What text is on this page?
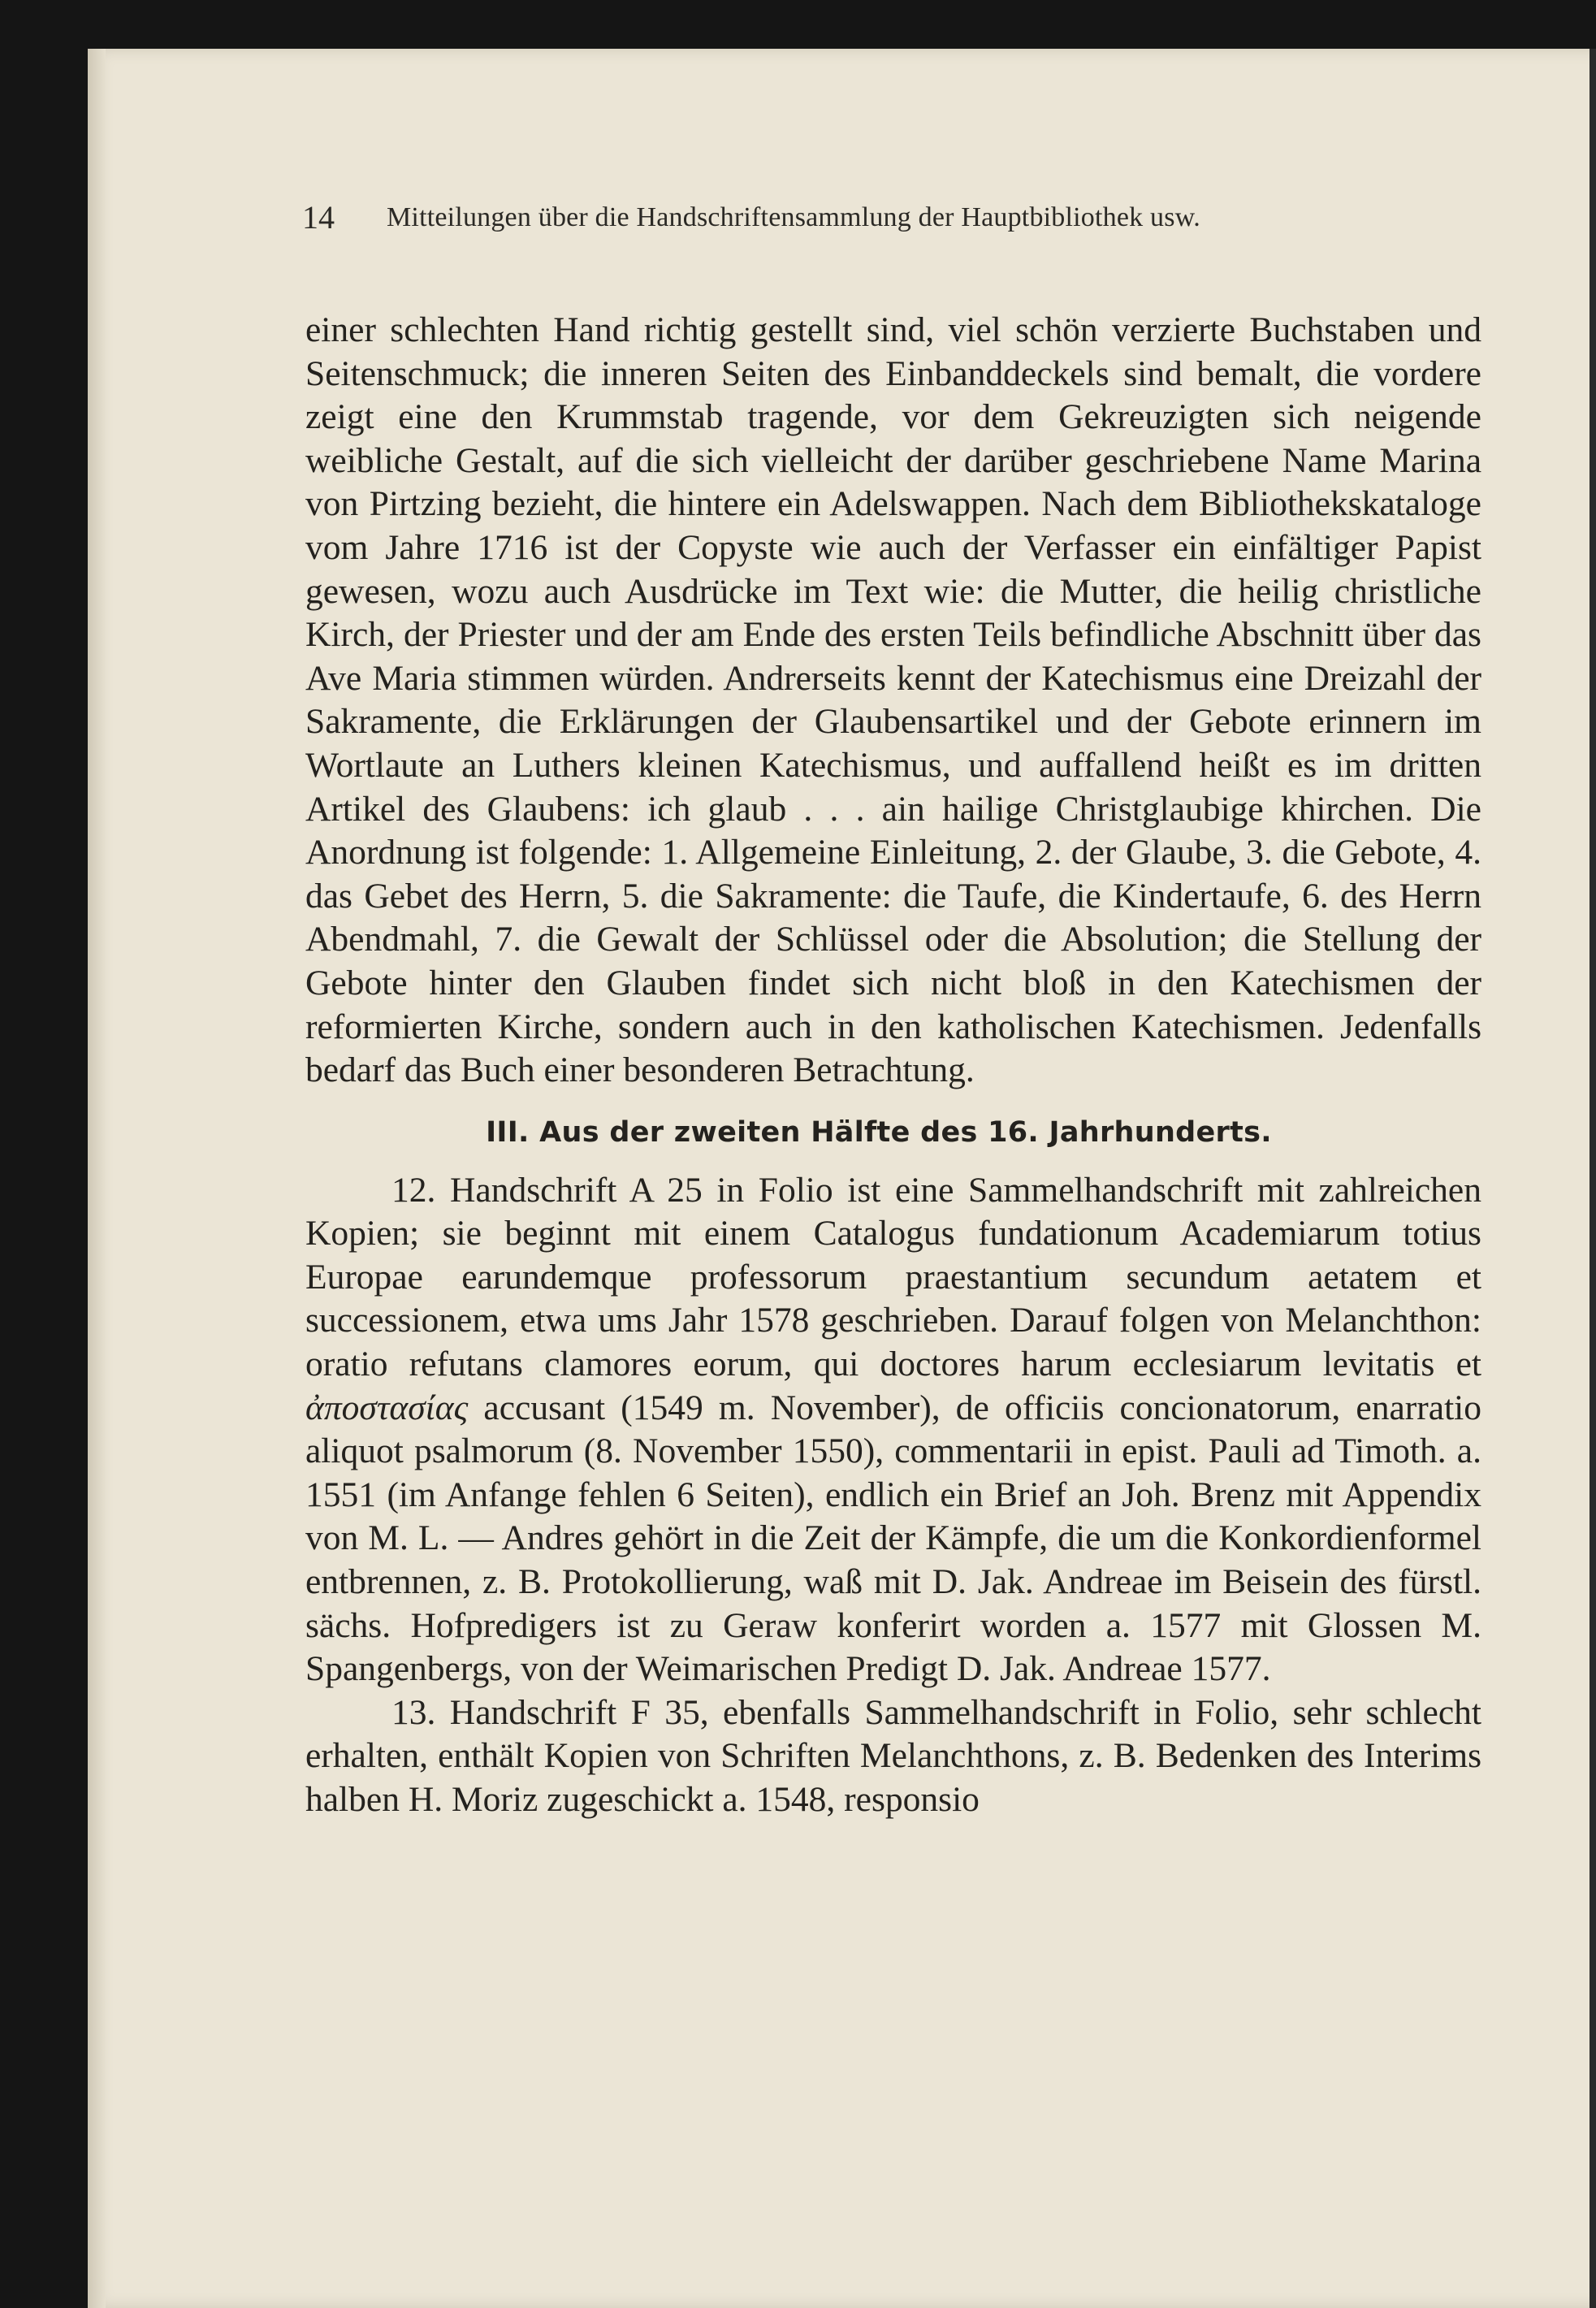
14 Mitteilungen über die Handschriftensammlung der Hauptbibliothek usw.

einer schlechten Hand richtig gestellt sind, viel schön verzierte Buchstaben und Seitenschmuck; die inneren Seiten des Einbanddeckels sind bemalt, die vordere zeigt eine den Krummstab tragende, vor dem Gekreuzigten sich neigende weibliche Gestalt, auf die sich vielleicht der darüber geschriebene Name Marina von Pirtzing bezieht, die hintere ein Adelswappen. Nach dem Bibliothekskataloge vom Jahre 1716 ist der Copyste wie auch der Verfasser ein einfältiger Papist gewesen, wozu auch Ausdrücke im Text wie: die Mutter, die heilig christliche Kirch, der Priester und der am Ende des ersten Teils befindliche Abschnitt über das Ave Maria stimmen würden. Andrerseits kennt der Katechismus eine Dreizahl der Sakramente, die Erklärungen der Glaubensartikel und der Gebote erinnern im Wortlaute an Luthers kleinen Katechismus, und auffallend heißt es im dritten Artikel des Glaubens: ich glaub . . . ain hailige Christglaubige khirchen. Die Anordnung ist folgende: 1. Allgemeine Einleitung, 2. der Glaube, 3. die Gebote, 4. das Gebet des Herrn, 5. die Sakramente: die Taufe, die Kindertaufe, 6. des Herrn Abendmahl, 7. die Gewalt der Schlüssel oder die Absolution; die Stellung der Gebote hinter den Glauben findet sich nicht bloß in den Katechismen der reformierten Kirche, sondern auch in den katholischen Katechismen. Jedenfalls bedarf das Buch einer besonderen Betrachtung.

III. Aus der zweiten Hälfte des 16. Jahrhunderts.

12. Handschrift A 25 in Folio ist eine Sammelhandschrift mit zahlreichen Kopien; sie beginnt mit einem Catalogus fundationum Academiarum totius Europae earundemque professorum praestantium secundum aetatem et successionem, etwa ums Jahr 1578 geschrieben. Darauf folgen von Melanchthon: oratio refutans clamores eorum, qui doctores harum ecclesiarum levitatis et ἀποστασίας accusant (1549 m. November), de officiis concionatorum, enarratio aliquot psalmorum (8. November 1550), commentarii in epist. Pauli ad Timoth. a. 1551 (im Anfange fehlen 6 Seiten), endlich ein Brief an Joh. Brenz mit Appendix von M. L. — Andres gehört in die Zeit der Kämpfe, die um die Konkordienformel entbrennen, z. B. Protokollierung, waß mit D. Jak. Andreae im Beisein des fürstl. sächs. Hofpredigers ist zu Geraw konferirt worden a. 1577 mit Glossen M. Spangenbergs, von der Weimarischen Predigt D. Jak. Andreae 1577.

13. Handschrift F 35, ebenfalls Sammelhandschrift in Folio, sehr schlecht erhalten, enthält Kopien von Schriften Melanchthons, z. B. Bedenken des Interims halben H. Moriz zugeschickt a. 1548, responsio
